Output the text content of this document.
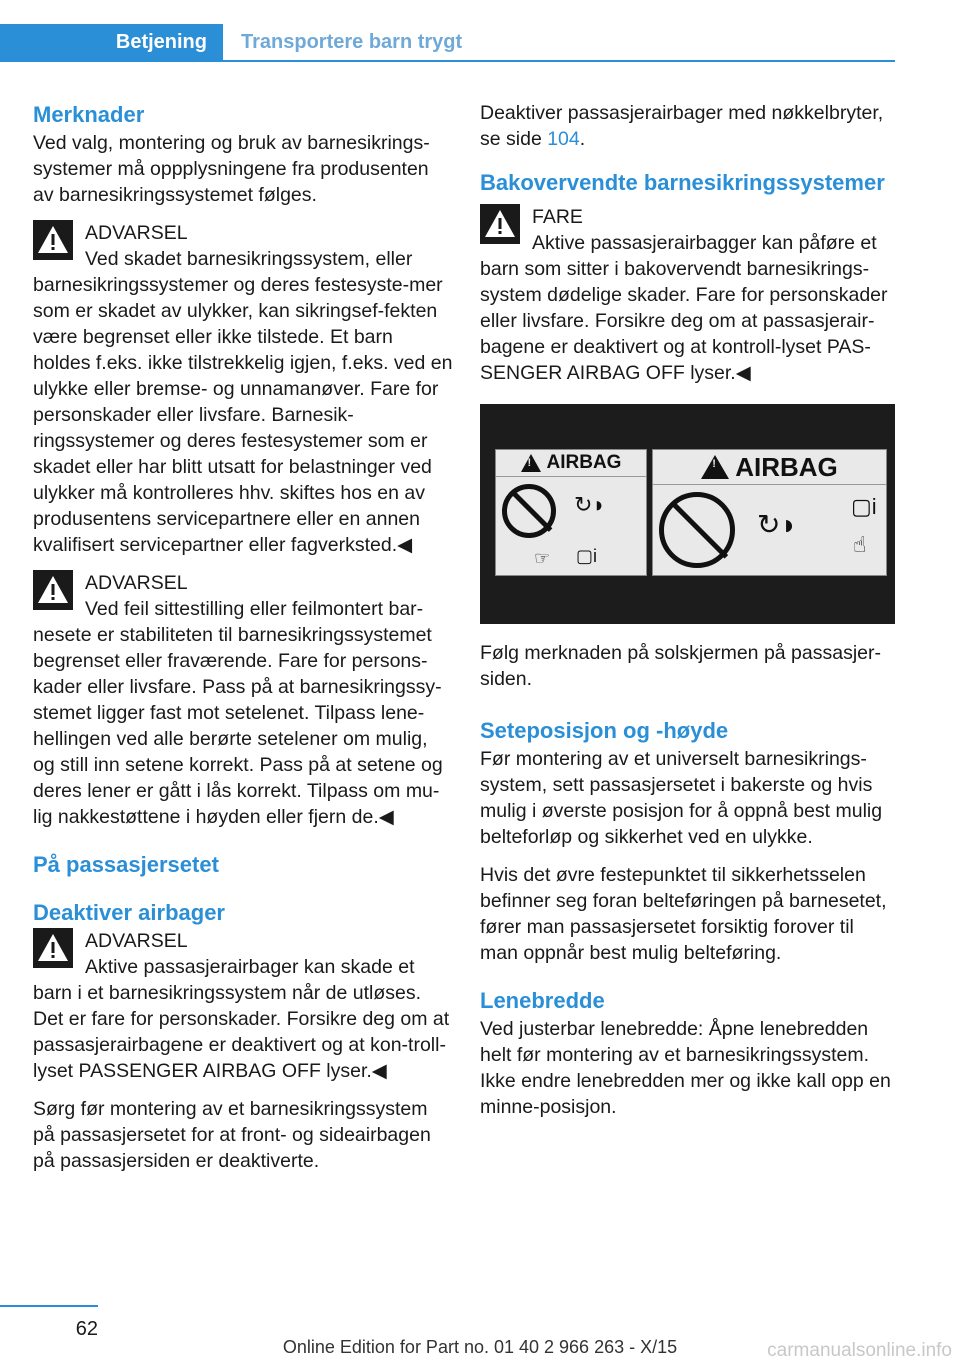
Betjening	Transportere barn trygt
Merknader

Ved valg, montering og bruk av barnesikrings-systemer må oppplysningene fra produsenten av barnesikringssystemet følges.

ADVARSEL
Ved skadet barnesikringssystem, eller barnesikringssystemer og deres festesyste-mer som er skadet av ulykker, kan sikringsef-fekten være begrenset eller ikke tilstede. Et barn holdes f.eks. ikke tilstrekkelig igjen, f.eks. ved en ulykke eller bremse- og unnamanøver. Fare for personskader eller livsfare. Barnesik-ringssystemer og deres festesystemer som er skadet eller har blitt utsatt for belastninger ved ulykker må kontrolleres hhv. skiftes hos en av produsentens servicepartnere eller en annen kvalifisert servicepartner eller fagverksted.◀
ADVARSEL
Ved feil sittestilling eller feilmontert bar-nesete er stabiliteten til barnesikringssystemet begrenset eller fraværende. Fare for persons-kader eller livsfare. Pass på at barnesikringssy-stemet ligger fast mot setelenet. Tilpass lene-hellingen ved alle berørte setelener om mulig, og still inn setene korrekt. Pass på at setene og deres lener er gått i lås korrekt. Tilpass om mu-lig nakkestøttene i høyden eller fjern de.◀
På passasjersetet
Deaktiver airbager
ADVARSEL
Aktive passasjerairbager kan skade et barn i et barnesikringssystem når de utløses. Det er fare for personskader. Forsikre deg om at passasjerairbagene er deaktivert og at kon-troll-lyset PASSENGER AIRBAG OFF lyser.◀

Sørg før montering av et barnesikringssystem på passasjersetet for at front- og sideairbagen på passasjersiden er deaktiverte.

Deaktiver passasjerairbager med nøkkelbryter, se side 104.

Bakovervendte barnesikringssystemer
FARE
Aktive passasjerairbagger kan påføre et barn som sitter i bakovervendt barnesikrings-system dødelige skader. Fare for personskader eller livsfare. Forsikre deg om at passasjerair-bagene er deaktivert og at kontroll-lyset PAS-SENGER AIRBAG OFF lyser.◀
!
AIRBAG
↻◗
☞ ▢i
!
AIRBAG
↻◗
▢i
☝

Følg merknaden på solskjermen på passasjer-siden.

Seteposisjon og -høyde

Før montering av et universelt barnesikrings-system, sett passasjersetet i bakerste og hvis mulig i øverste posisjon for å oppnå best mulig belteforløp og sikkerhet ved en ulykke.

Hvis det øvre festepunktet til sikkerhetsselen befinner seg foran belteføringen på barnesetet, fører man passasjersetet forsiktig forover til man oppnår best mulig belteføring.

Lenebredde

Ved justerbar lenebredde: Åpne lenebredden helt før montering av et barnesikringssystem. Ikke endre lenebredden mer og ikke kall opp en minne-posisjon.

62
Online Edition for Part no. 01 40 2 966 263 - X/15	carmanualsonline.info
